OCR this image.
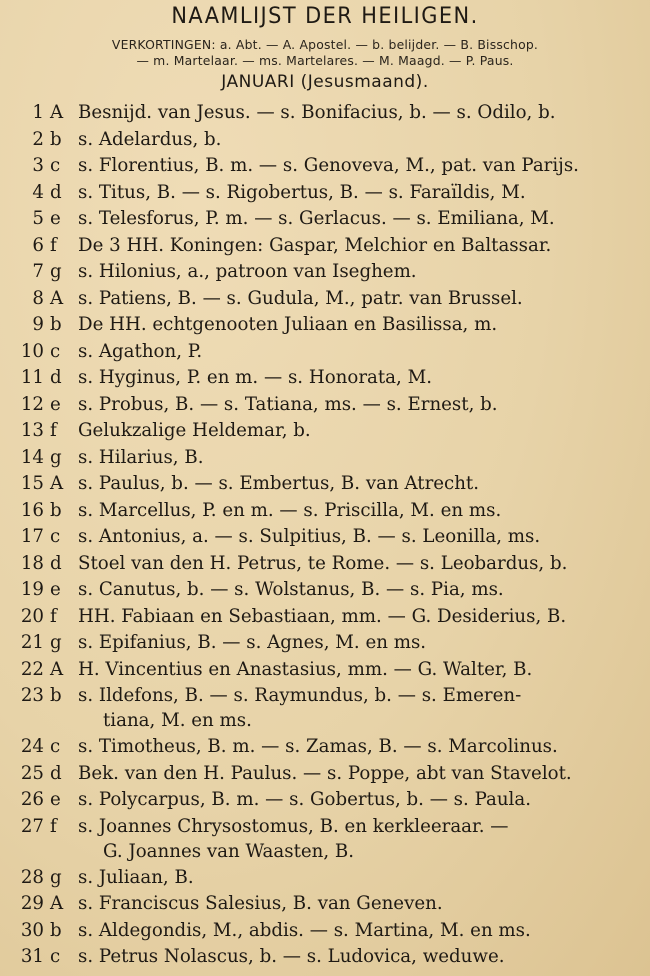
NAAMLIJST DER HEILIGEN.
VERKORTINGEN: a. Abt. — A. Apostel. — b. belijder. — B. Bisschop.
— m. Martelaar. — ms. Martelares. — M. Maagd. — P. Paus.
JANUARI (Jesusmaand).
1 A Besnijd. van Jesus. — s. Bonifacius, b. — s. Odilo, b.
2 b s. Adelardus, b.
3 c s. Florentius, B. m. — s. Genoveva, M., pat. van Parijs.
4 d s. Titus, B. — s. Rigobertus, B. — s. Faraïldis, M.
5 e s. Telesforus, P. m. — s. Gerlacus. — s. Emiliana, M.
6 f De 3 HH. Koningen: Gaspar, Melchior en Baltassar.
7 g s. Hilonius, a., patroon van Iseghem.
8 A s. Patiens, B. — s. Gudula, M., patr. van Brussel.
9 b De HH. echtgenooten Juliaan en Basilissa, m.
10 c s. Agathon, P.
11 d s. Hyginus, P. en m. — s. Honorata, M.
12 e s. Probus, B. — s. Tatiana, ms. — s. Ernest, b.
13 f Gelukzalige Heldemar, b.
14 g s. Hilarius, B.
15 A s. Paulus, b. — s. Embertus, B. van Atrecht.
16 b s. Marcellus, P. en m. — s. Priscilla, M. en ms.
17 c s. Antonius, a. — s. Sulpitius, B. — s. Leonilla, ms.
18 d Stoel van den H. Petrus, te Rome. — s. Leobardus, b.
19 e s. Canutus, b. — s. Wolstanus, B. — s. Pia, ms.
20 f HH. Fabiaan en Sebastiaan, mm. — G. Desiderius, B.
21 g s. Epifanius, B. — s. Agnes, M. en ms.
22 A H. Vincentius en Anastasius, mm. — G. Walter, B.
23 b s. Ildefons, B. — s. Raymundus, b. — s. Emeren-
tiana, M. en ms.
24 c s. Timotheus, B. m. — s. Zamas, B. — s. Marcolinus.
25 d Bek. van den H. Paulus. — s. Poppe, abt van Stavelot.
26 e s. Polycarpus, B. m. — s. Gobertus, b. — s. Paula.
27 f s. Joannes Chrysostomus, B. en kerkleeraar. —
G. Joannes van Waasten, B.
28 g s. Juliaan, B.
29 A s. Franciscus Salesius, B. van Geneven.
30 b s. Aldegondis, M., abdis. — s. Martina, M. en ms.
31 c s. Petrus Nolascus, b. — s. Ludovica, weduwe.
